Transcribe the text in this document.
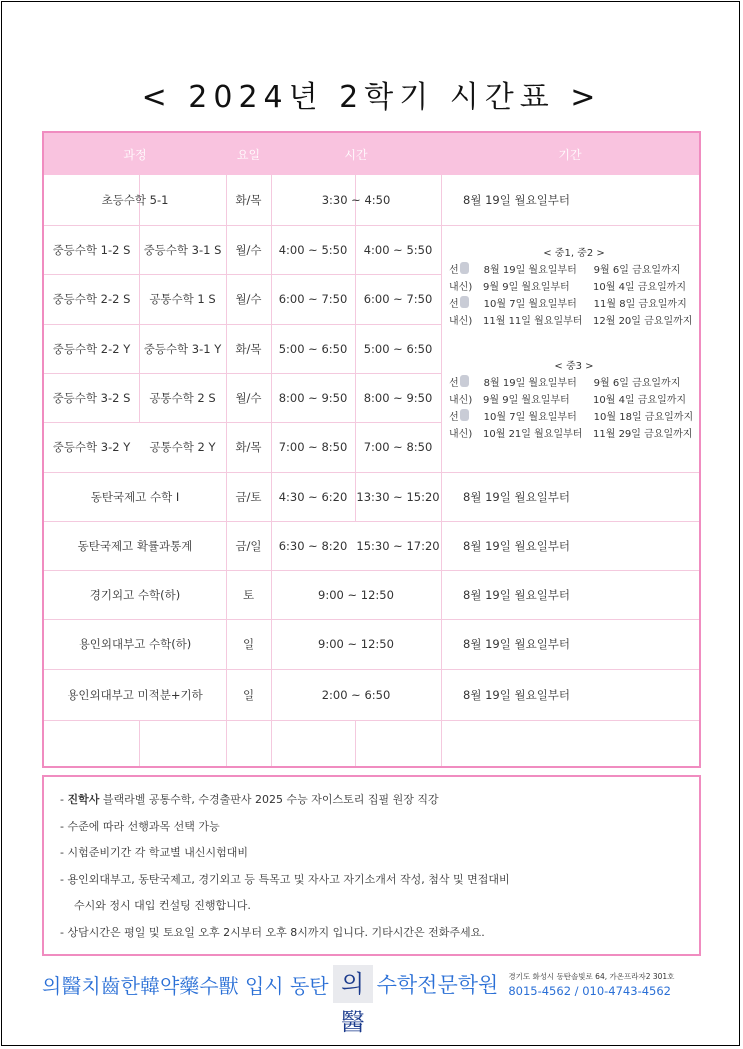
< 2024년 2학기 시간표 >
과정	요일	시간	기간
초등수학 5-1	화/목	3:30 ~ 4:50	8월 19일 월요일부터
중등수학 1-2 S	중등수학 3-1 S	월/수	4:00 ~ 5:50	4:00 ~ 5:50
중등수학 2-2 S	공통수학 1 S	월/수	6:00 ~ 7:50	6:00 ~ 7:50
중등수학 2-2 Y	중등수학 3-1 Y	화/목	5:00 ~ 6:50	5:00 ~ 6:50
중등수학 3-2 S	공통수학 2 S	월/수	8:00 ~ 9:50	8:00 ~ 9:50
중등수학 3-2 Y	공통수학 2 Y	화/목	7:00 ~ 8:50	7:00 ~ 8:50
동탄국제고 수학 I	금/토	4:30 ~ 6:20 13:30 ~ 15:20	8월 19일 월요일부터
동탄국제고 확률과통계	금/일	6:30 ~ 8:20 15:30 ~ 17:20	8월 19일 월요일부터
경기외고 수학(하)	토	9:00 ~ 12:50	8월 19일 월요일부터
용인외대부고 수학(하)	일	9:00 ~ 12:50	8월 19일 월요일부터
용인외대부고 미적분+기하	일	2:00 ~ 6:50	8월 19일 월요일부터
< 중1, 중2 >
선	8월 19일 월요일부터	9월 6일 금요일까지
내신)	9월 9일 월요일부터	10월 4일 금요일까지
선	10월 7일 월요일부터	11월 8일 금요일까지
내신)	11월 11일 월요일부터	12월 20일 금요일까지
< 중3 >
선	8월 19일 월요일부터	9월 6일 금요일까지
내신)	9월 9일 월요일부터	10월 4일 금요일까지
선	10월 7일 월요일부터	10월 18일 금요일까지
내신)	10월 21일 월요일부터	11월 29일 금요일까지
- 진학사 블랙라벨 공통수학, 수경출판사 2025 수능 자이스토리 집필 원장 직강
- 수준에 따라 선행과목 선택 가능
- 시험준비기간 각 학교별 내신시험대비
- 용인외대부고, 동탄국제고, 경기외고 등 특목고 및 자사고 자기소개서 작성, 첨삭 및 면접대비
수시와 정시 대입 컨설팅 진행합니다.
- 상담시간은 평일 및 토요일 오후 2시부터 오후 8시까지 입니다. 기타시간은 전화주세요.
의醫치齒한韓약藥수獸 입시 동탄 의 醫
수학전문학원 경기도 화성시 동탄솔빛로 64, 가온프라자2 301호
8015-4562 / 010-4743-4562
